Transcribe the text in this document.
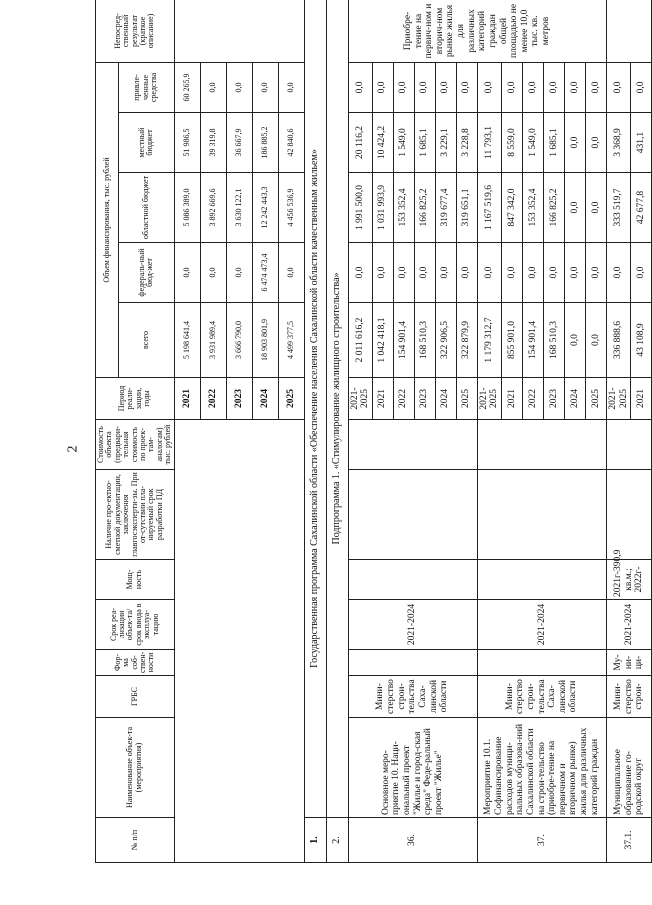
2
№ п/п	Наименование объек-та (мероприятия)	ГРБС	Фор-ма соб-ствен-ности	Срок реа-лизации объек-та/срок ввода в эксплуа-тацию	Мощ-ность	Наличие про-ектно-сметной документации, заключения главгосэксперти-зы. При от-сутствии пла-нируемый срок разработки ПД	Стоимость объекта (предвари-тельная стоимость по проек-там-аналогам) тыс. рублей	Период реали-зации, годы	Объем финансирования, тыс. рублей					Непосред-ственный результат (краткое описание)
									всего	федераль-ный бюд-жет	областной бюджет	местный бюджет	привле-ченные средства	
								2021	5 198 641,4	0,0	5 086 389,0	51 986,5	60 265,9	
								2022	3 931 989,4	0,0	3 892 669,6	39 319,8	0,0	
								2023	3 666 790,0	0,0	3 630 122,1	36 667,9	0,0	
								2024	18 903 801,9	6 474 473,4	12 242 443,3	186 885,2	0,0	
								2025	4 499 377,5	0,0	4 456 536,9	42 840,6	0,0	
1.	Государственная программа Сахалинской области «Обеспечение населения Сахалинской области качественным жильем»													
2.	Подпрограмма 1. «Стимулирование жилищного строительства»													
36.	Основное меро-приятие 10. Наци-ональный проект "Жилье и город-ская среда" Феде-ральный проект "Жилье"	Мини-стерство строи-тельства Саха-линской области		2021-2024				2021-2025	2 011 616,2	0,0	1 991 500,0	20 116,2	0,0	Приобре-тение на первич-ном и вторич-ном рынке жилья для различных категорий граждан общей площадью не менее 10,0 тыс. кв. метров
								2021	1 042 418,1	0,0	1 031 993,9	10 424,2	0,0	
								2022	154 901,4	0,0	153 352,4	1 549,0	0,0	
								2023	168 510,3	0,0	166 825,2	1 685,1	0,0	
								2024	322 906,5	0,0	319 677,4	3 229,1	0,0	
								2025	322 879,9	0,0	319 651,1	3 228,8	0,0	
37.	Мероприятие 10.1. Софинансирование расходов муници-пальных образова-ний Сахалинской области на строи-тельство (приобре-тение на первичном и вторичном рынке) жилья для различных категорий граждан	Мини-стерство строи-тельства Саха-линской области		2021-2024				2021-2025	1 179 312,7	0,0	1 167 519,6	11 793,1	0,0	
								2021	855 901,0	0,0	847 342,0	8 559,0	0,0	
								2022	154 901,4	0,0	153 352,4	1 549,0	0,0	
								2023	168 510,3	0,0	166 825,2	1 685,1	0,0	
								2024	0,0	0,0	0,0	0,0	0,0	
								2025	0,0	0,0	0,0	0,0	0,0	
37.1.	Муниципальное образование го-родской округ	Мини-стерство строи-	Му-ни-ци-	2021-2024	2021г-390,9 кв.м.; 2022г-			2021-2025	336 888,6	0,0	333 519,7	3 368,9	0,0	
								2021	43 108,9	0,0	42 677,8	431,1	0,0	
